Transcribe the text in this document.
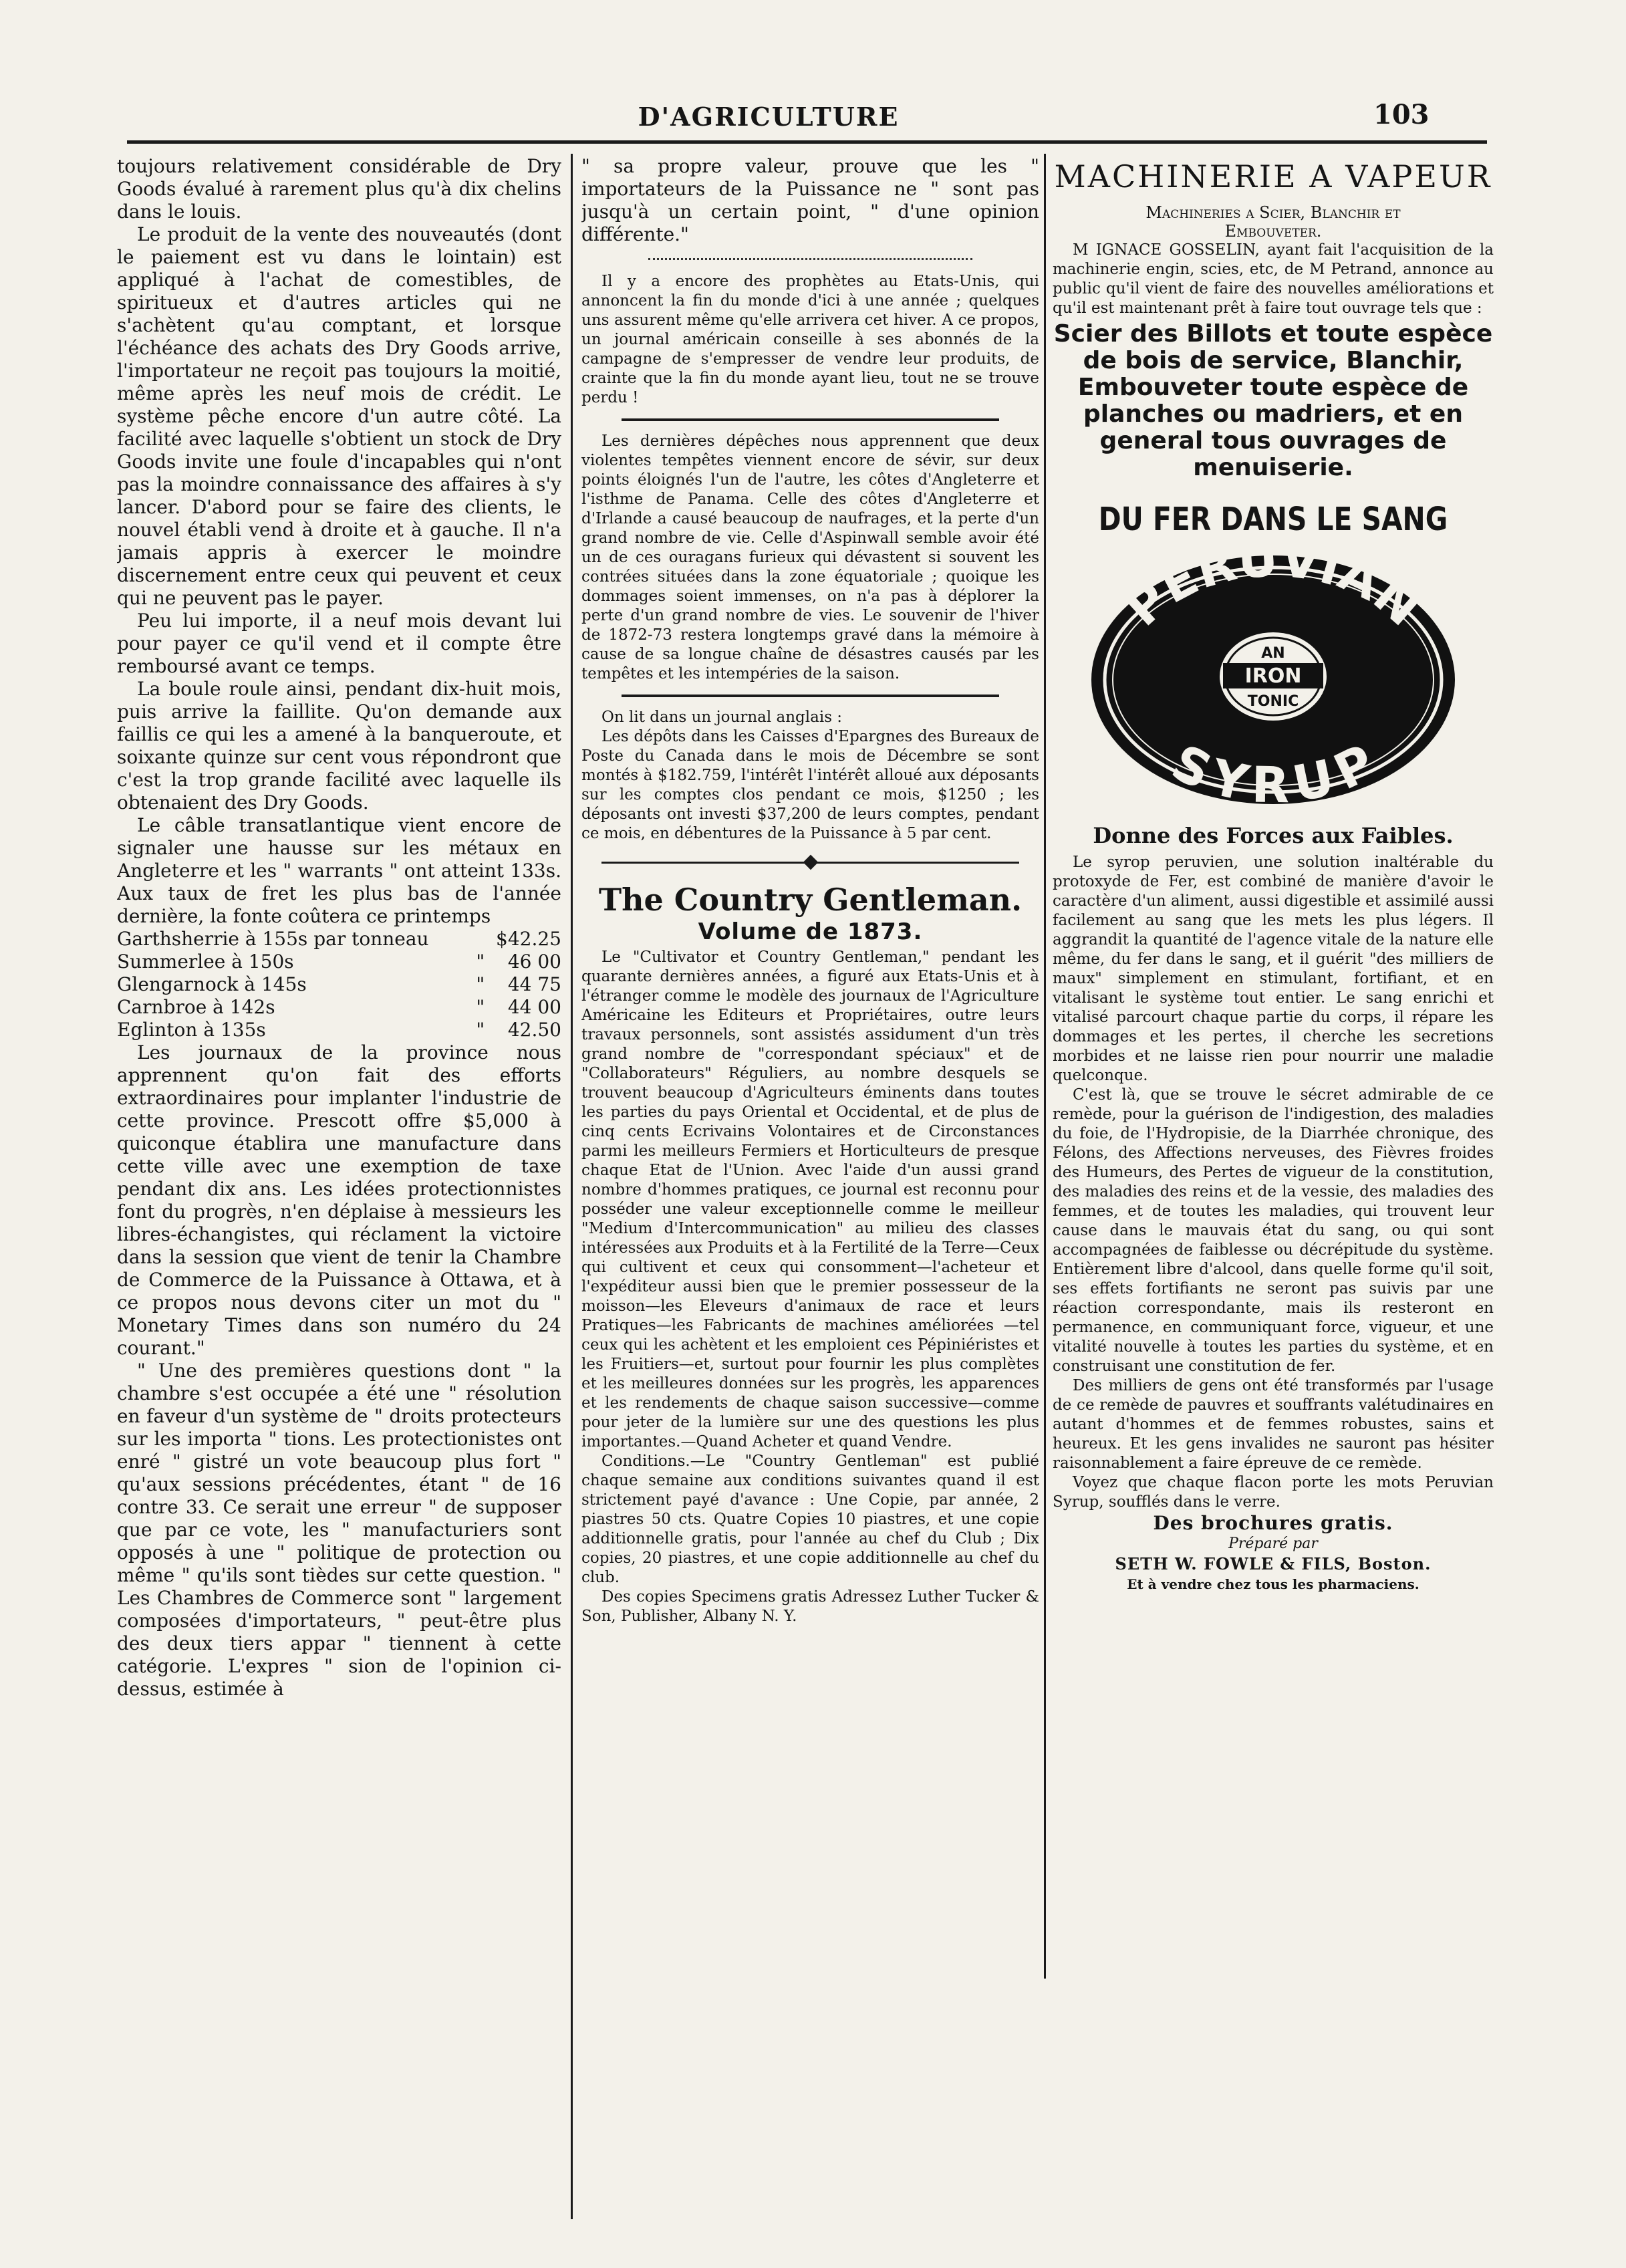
D'AGRICULTURE	103

toujours relativement considérable de Dry Goods évalué à rarement plus qu'à dix chelins dans le louis.

Le produit de la vente des nouveautés (dont le paiement est vu dans le lointain) est appliqué à l'achat de comestibles, de spiritueux et d'autres articles qui ne s'achètent qu'au comptant, et lorsque l'échéance des achats des Dry Goods arrive, l'importateur ne reçoit pas toujours la moitié, même après les neuf mois de crédit. Le système pêche encore d'un autre côté. La facilité avec laquelle s'obtient un stock de Dry Goods invite une foule d'incapables qui n'ont pas la moindre connaissance des affaires à s'y lancer. D'abord pour se faire des clients, le nouvel établi vend à droite et à gauche. Il n'a jamais appris à exercer le moindre discernement entre ceux qui peuvent et ceux qui ne peuvent pas le payer.

Peu lui importe, il a neuf mois devant lui pour payer ce qu'il vend et il compte être remboursé avant ce temps.

La boule roule ainsi, pendant dix-huit mois, puis arrive la faillite. Qu'on demande aux faillis ce qui les a amené à la banqueroute, et soixante quinze sur cent vous répondront que c'est la trop grande facilité avec laquelle ils obtenaient des Dry Goods.

Le câble transatlantique vient encore de signaler une hausse sur les métaux en Angleterre et les " warrants " ont atteint 133s. Aux taux de fret les plus bas de l'année dernière, la fonte coûtera ce printemps

Garthsherrie à 155s par tonneau		$42.25
Summerlee à 150s	"	46 00
Glengarnock à 145s	"	44 75
Carnbroe à 142s	"	44 00
Eglinton à 135s	"	42.50

Les journaux de la province nous apprennent qu'on fait des efforts extraordinaires pour implanter l'industrie de cette province. Prescott offre $5,000 à quiconque établira une manufacture dans cette ville avec une exemption de taxe pendant dix ans. Les idées protectionnistes font du progrès, n'en déplaise à messieurs les libres-échangistes, qui réclament la victoire dans la session que vient de tenir la Chambre de Commerce de la Puissance à Ottawa, et à ce propos nous devons citer un mot du " Monetary Times dans son numéro du 24 courant."

" Une des premières questions dont " la chambre s'est occupée a été une " résolution en faveur d'un système de " droits protecteurs sur les importa " tions. Les protectionistes ont enré " gistré un vote beaucoup plus fort " qu'aux sessions précédentes, étant " de 16 contre 33. Ce serait une erreur " de supposer que par ce vote, les " manufacturiers sont opposés à une " politique de protection ou même " qu'ils sont tièdes sur cette question. " Les Chambres de Commerce sont " largement composées d'importateurs, " peut-être plus des deux tiers appar " tiennent à cette catégorie. L'expres " sion de l'opinion ci-dessus, estimée à

" sa propre valeur, prouve que les " importateurs de la Puissance ne " sont pas jusqu'à un certain point, " d'une opinion différente."

Il y a encore des prophètes au Etats-Unis, qui annoncent la fin du monde d'ici à une année ; quelques uns assurent même qu'elle arrivera cet hiver. A ce propos, un journal américain conseille à ses abonnés de la campagne de s'empresser de vendre leur produits, de crainte que la fin du monde ayant lieu, tout ne se trouve perdu !

Les dernières dépêches nous apprennent que deux violentes tempêtes viennent encore de sévir, sur deux points éloignés l'un de l'autre, les côtes d'Angleterre et l'isthme de Panama. Celle des côtes d'Angleterre et d'Irlande a causé beaucoup de naufrages, et la perte d'un grand nombre de vie. Celle d'Aspinwall semble avoir été un de ces ouragans furieux qui dévastent si souvent les contrées situées dans la zone équatoriale ; quoique les dommages soient immenses, on n'a pas à déplorer la perte d'un grand nombre de vies. Le souvenir de l'hiver de 1872-73 restera longtemps gravé dans la mémoire à cause de sa longue chaîne de désastres causés par les tempêtes et les intempéries de la saison.

On lit dans un journal anglais :

Les dépôts dans les Caisses d'Epargnes des Bureaux de Poste du Canada dans le mois de Décembre se sont montés à $182.759, l'intérêt l'intérêt alloué aux déposants sur les comptes clos pendant ce mois, $1250 ; les déposants ont investi $37,200 de leurs comptes, pendant ce mois, en débentures de la Puissance à 5 par cent.

The Country Gentleman.

Volume de 1873.

Le "Cultivator et Country Gentleman," pendant les quarante dernières années, a figuré aux Etats-Unis et à l'étranger comme le modèle des journaux de l'Agriculture Américaine les Editeurs et Propriétaires, outre leurs travaux personnels, sont assistés assidument d'un très grand nombre de "correspondant spéciaux" et de "Collaborateurs" Réguliers, au nombre desquels se trouvent beaucoup d'Agriculteurs éminents dans toutes les parties du pays Oriental et Occidental, et de plus de cinq cents Ecrivains Volontaires et de Circonstances parmi les meilleurs Fermiers et Horticulteurs de presque chaque Etat de l'Union. Avec l'aide d'un aussi grand nombre d'hommes pratiques, ce journal est reconnu pour posséder une valeur exceptionnelle comme le meilleur "Medium d'Intercommunication" au milieu des classes intéressées aux Produits et à la Fertilité de la Terre—Ceux qui cultivent et ceux qui consomment—l'acheteur et l'expéditeur aussi bien que le premier possesseur de la moisson—les Eleveurs d'animaux de race et leurs Pratiques—les Fabricants de machines améliorées —tel ceux qui les achètent et les emploient ces Pépiniéristes et les Fruitiers—et, surtout pour fournir les plus complètes et les meilleures données sur les progrès, les apparences et les rendements de chaque saison successive—comme pour jeter de la lumière sur une des questions les plus importantes.—Quand Acheter et quand Vendre.

Conditions.—Le "Country Gentleman" est publié chaque semaine aux conditions suivantes quand il est strictement payé d'avance : Une Copie, par année, 2 piastres 50 cts. Quatre Copies 10 piastres, et une copie additionnelle gratis, pour l'année au chef du Club ; Dix copies, 20 piastres, et une copie additionnelle au chef du club.

Des copies Specimens gratis Adressez Luther Tucker & Son, Publisher, Albany N. Y.

MACHINERIE A VAPEUR

Machineries a Scier, Blanchir et

Embouveter.

M IGNACE GOSSELIN, ayant fait l'acquisition de la machinerie engin, scies, etc, de M Petrand, annonce au public qu'il vient de faire des nouvelles améliorations et qu'il est maintenant prêt à faire tout ouvrage tels que :

Scier des Billots et toute espèce de bois de service, Blanchir, Embouveter toute espèce de planches ou madriers, et en general tous ouvrages de menuiserie.

DU FER DANS LE SANG

PERUVIAN
SYRUP
AN
IRON
TONIC

Donne des Forces aux Faibles.

Le syrop peruvien, une solution inaltérable du protoxyde de Fer, est combiné de manière d'avoir le caractère d'un aliment, aussi digestible et assimilé aussi facilement au sang que les mets les plus légers. Il aggrandit la quantité de l'agence vitale de la nature elle même, du fer dans le sang, et il guérit "des milliers de maux" simplement en stimulant, fortifiant, et en vitalisant le système tout entier. Le sang enrichi et vitalisé parcourt chaque partie du corps, il répare les dommages et les pertes, il cherche les secretions morbides et ne laisse rien pour nourrir une maladie quelconque.

C'est là, que se trouve le sécret admirable de ce remède, pour la guérison de l'indigestion, des maladies du foie, de l'Hydropisie, de la Diarrhée chronique, des Félons, des Affections nerveuses, des Fièvres froides des Humeurs, des Pertes de vigueur de la constitution, des maladies des reins et de la vessie, des maladies des femmes, et de toutes les maladies, qui trouvent leur cause dans le mauvais état du sang, ou qui sont accompagnées de faiblesse ou décrépitude du système. Entièrement libre d'alcool, dans quelle forme qu'il soit, ses effets fortifiants ne seront pas suivis par une réaction correspondante, mais ils resteront en permanence, en communiquant force, vigueur, et une vitalité nouvelle à toutes les parties du système, et en construisant une constitution de fer.

Des milliers de gens ont été transformés par l'usage de ce remède de pauvres et souffrants valétudinaires en autant d'hommes et de femmes robustes, sains et heureux. Et les gens invalides ne sauront pas hésiter raisonnablement a faire épreuve de ce remède.

Voyez que chaque flacon porte les mots Peruvian Syrup, soufflés dans le verre.

Des brochures gratis.

Préparé par

SETH W. FOWLE & FILS, Boston.

Et à vendre chez tous les pharmaciens.
